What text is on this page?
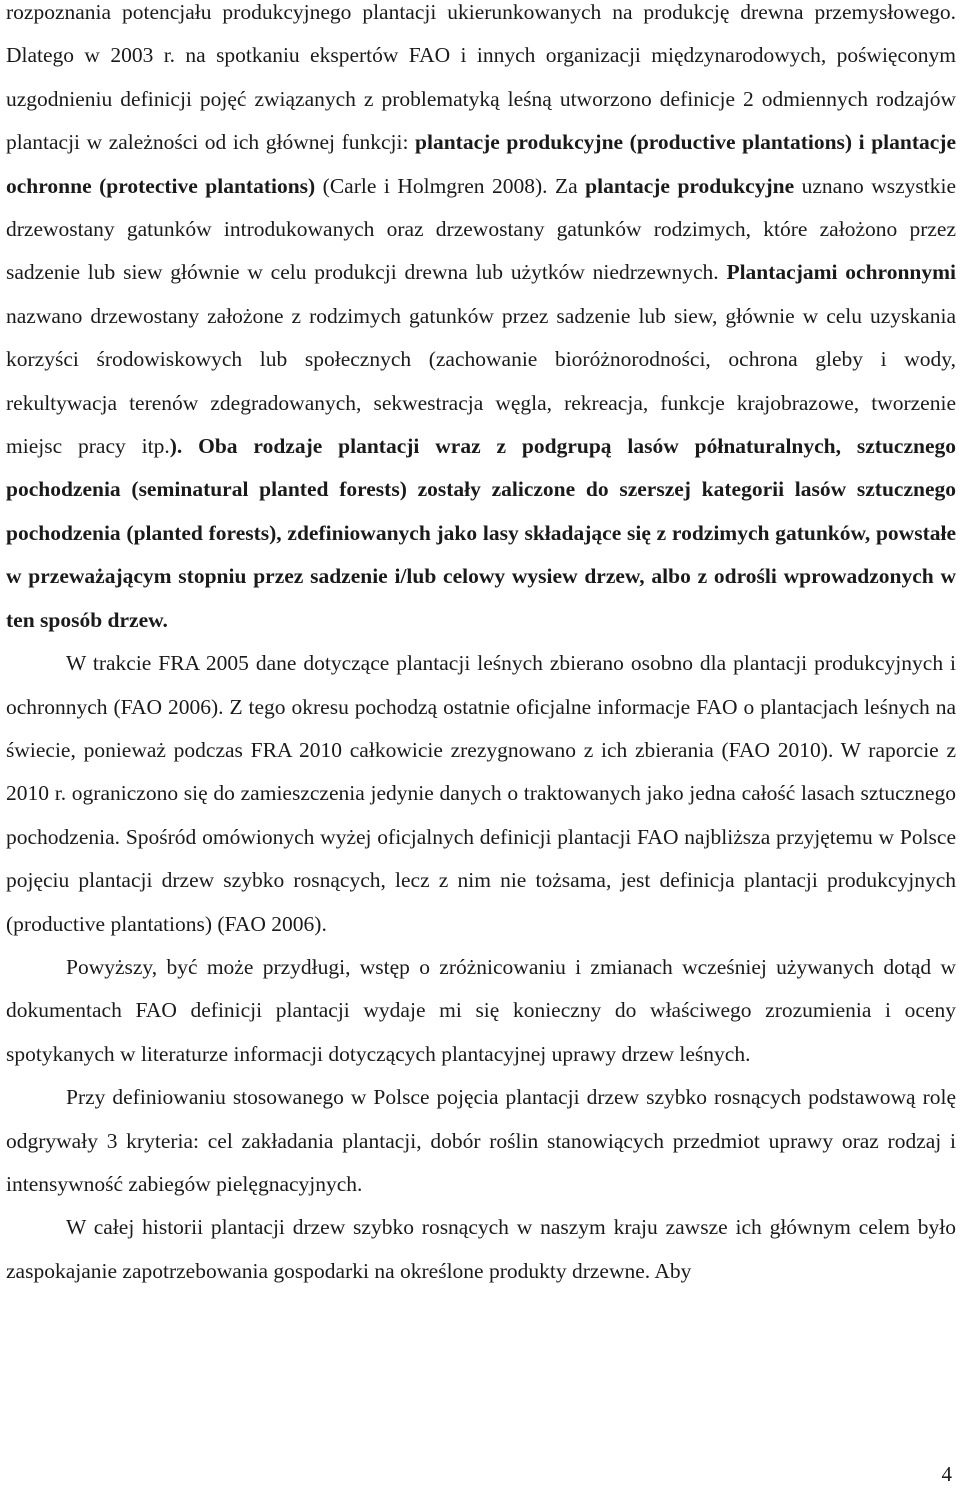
rozpoznania potencjału produkcyjnego plantacji ukierunkowanych na produkcję drewna przemysłowego. Dlatego w 2003 r. na spotkaniu ekspertów FAO i innych organizacji międzynarodowych, poświęconym uzgodnieniu definicji pojęć związanych z problematyką leśną utworzono definicje 2 odmiennych rodzajów plantacji w zależności od ich głównej funkcji: plantacje produkcyjne (productive plantations) i plantacje ochronne (protective plantations) (Carle i Holmgren 2008). Za plantacje produkcyjne uznano wszystkie drzewostany gatunków introdukowanych oraz drzewostany gatunków rodzimych, które założono przez sadzenie lub siew głównie w celu produkcji drewna lub użytków niedrzewnych. Plantacjami ochronnymi nazwano drzewostany założone z rodzimych gatunków przez sadzenie lub siew, głównie w celu uzyskania korzyści środowiskowych lub społecznych (zachowanie bioróżnorodności, ochrona gleby i wody, rekultywacja terenów zdegradowanych, sekwestracja węgla, rekreacja, funkcje krajobrazowe, tworzenie miejsc pracy itp.). Oba rodzaje plantacji wraz z podgrupą lasów półnaturalnych, sztucznego pochodzenia (seminatural planted forests) zostały zaliczone do szerszej kategorii lasów sztucznego pochodzenia (planted forests), zdefiniowanych jako lasy składające się z rodzimych gatunków, powstałe w przeważającym stopniu przez sadzenie i/lub celowy wysiew drzew, albo z odrośli wprowadzonych w ten sposób drzew.

W trakcie FRA 2005 dane dotyczące plantacji leśnych zbierano osobno dla plantacji produkcyjnych i ochronnych (FAO 2006). Z tego okresu pochodzą ostatnie oficjalne informacje FAO o plantacjach leśnych na świecie, ponieważ podczas FRA 2010 całkowicie zrezygnowano z ich zbierania (FAO 2010). W raporcie z 2010 r. ograniczono się do zamieszczenia jedynie danych o traktowanych jako jedna całość lasach sztucznego pochodzenia. Spośród omówionych wyżej oficjalnych definicji plantacji FAO najbliższa przyjętemu w Polsce pojęciu plantacji drzew szybko rosnących, lecz z nim nie tożsama, jest definicja plantacji produkcyjnych (productive plantations) (FAO 2006).

Powyższy, być może przydługi, wstęp o zróżnicowaniu i zmianach wcześniej używanych dotąd w dokumentach FAO definicji plantacji wydaje mi się konieczny do właściwego zrozumienia i oceny spotykanych w literaturze informacji dotyczących plantacyjnej uprawy drzew leśnych.

Przy definiowaniu stosowanego w Polsce pojęcia plantacji drzew szybko rosnących podstawową rolę odgrywały 3 kryteria: cel zakładania plantacji, dobór roślin stanowiących przedmiot uprawy oraz rodzaj i intensywność zabiegów pielęgnacyjnych.

W całej historii plantacji drzew szybko rosnących w naszym kraju zawsze ich głównym celem było zaspokajanie zapotrzebowania gospodarki na określone produkty drzewne. Aby

4
